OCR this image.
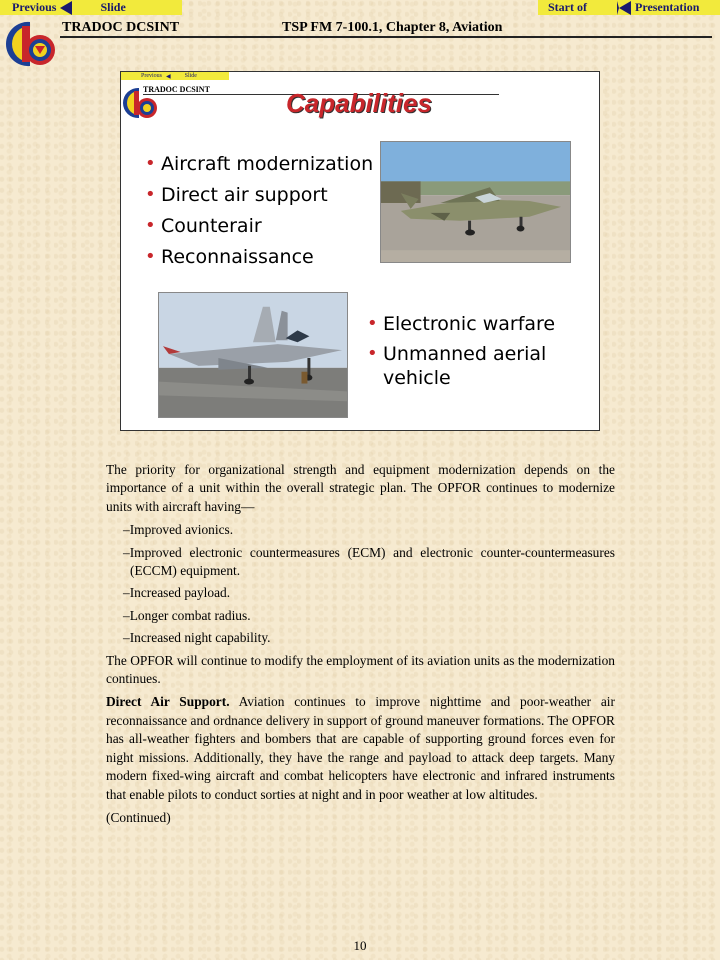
Previous	Slide	Start of	Presentation
TRADOC DCSINT	TSP FM 7-100.1, Chapter 8, Aviation
Previous ◀ Slide
TRADOC DCSINT	Capabilities
• Aircraft modernization
• Direct air support
• Counterair
• Reconnaissance
• Electronic warfare
• Unmanned aerial vehicle

The priority for organizational strength and equipment modernization depends on the importance of a unit within the overall strategic plan. The OPFOR continues to modernize units with aircraft having—

–Improved avionics.

–Improved electronic countermeasures (ECM) and electronic counter-countermeasures (ECCM) equipment.

–Increased payload.

–Longer combat radius.

–Increased night capability.

The OPFOR will continue to modify the employment of its aviation units as the modernization continues.

Direct Air Support. Aviation continues to improve nighttime and poor-weather air reconnaissance and ordnance delivery in support of ground maneuver formations. The OPFOR has all-weather fighters and bombers that are capable of supporting ground forces even for night missions. Additionally, they have the range and payload to attack deep targets. Many modern fixed-wing aircraft and combat helicopters have electronic and infrared instruments that enable pilots to conduct sorties at night and in poor weather at low altitudes.

(Continued)

10
